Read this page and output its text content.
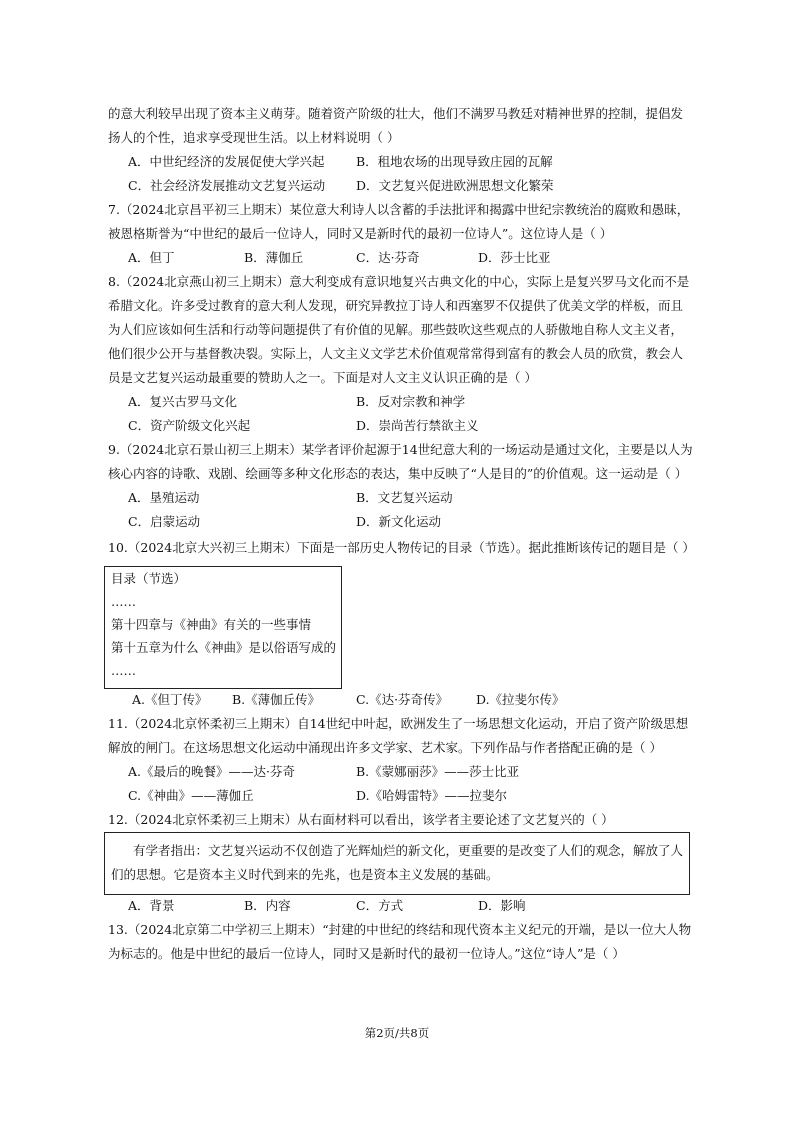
的意大利较早出现了资本主义萌芽。随着资产阶级的壮大，他们不满罗马教廷对精神世界的控制，提倡发
扬人的个性，追求享受现世生活。以上材料说明（ ）
A．中世纪经济的发展促使大学兴起	B．租地农场的出现导致庄园的瓦解
C．社会经济发展推动文艺复兴运动 D．文艺复兴促进欧洲思想文化繁荣
7.（2024北京昌平初三上期末）某位意大利诗人以含蓄的手法批评和揭露中世纪宗教统治的腐败和愚昧，
被恩格斯誉为“中世纪的最后一位诗人，同时又是新时代的最初一位诗人”。这位诗人是（ ）
A．但丁	B．薄伽丘	C．达·芬奇	D．莎士比亚
8.（2024北京燕山初三上期末）意大利变成有意识地复兴古典文化的中心，实际上是复兴罗马文化而不是
希腊文化。许多受过教育的意大利人发现，研究异教拉丁诗人和西塞罗不仅提供了优美文学的样板，而且
为人们应该如何生活和行动等问题提供了有价值的见解。那些鼓吹这些观点的人骄傲地自称人文主义者，
他们很少公开与基督教决裂。实际上，人文主义文学艺术价值观常常得到富有的教会人员的欣赏，教会人
员是文艺复兴运动最重要的赞助人之一。下面是对人文主义认识正确的是（ ）
A．复兴古罗马文化	B．反对宗教和神学
C．资产阶级文化兴起	D．崇尚苦行禁欲主义
9.（2024北京石景山初三上期末）某学者评价起源于14世纪意大利的一场运动是通过文化，主要是以人为
核心内容的诗歌、戏剧、绘画等多种文化形态的表达，集中反映了“人是目的”的价值观。这一运动是（ ）
A．垦殖运动	B．文艺复兴运动
C．启蒙运动	D．新文化运动
10.（2024北京大兴初三上期末）下面是一部历史人物传记的目录（节选）。据此推断该传记的题目是（ ）
目录（节选）
……
第十四章与《神曲》有关的一些事情
第十五章为什么《神曲》是以俗语写成的
……
A.《但丁传》 B.《薄伽丘传》	C.《达·芬奇传》 D.《拉斐尔传》
11.（2024北京怀柔初三上期末）自14世纪中叶起，欧洲发生了一场思想文化运动，开启了资产阶级思想
解放的闸门。在这场思想文化运动中涌现出许多文学家、艺术家。下列作品与作者搭配正确的是（ ）
A.《最后的晚餐》——达·芬奇	B.《蒙娜丽莎》——莎士比亚
C.《神曲》——薄伽丘	D.《哈姆雷特》——拉斐尔
12.（2024北京怀柔初三上期末）从右面材料可以看出，该学者主要论述了文艺复兴的（ ）
有学者指出：文艺复兴运动不仅创造了光辉灿烂的新文化，更重要的是改变了人们的观念，解放了人
们的思想。它是资本主义时代到来的先兆，也是资本主义发展的基础。
A．背景	B．内容	C．方式	D．影响
13.（2024北京第二中学初三上期末）“封建的中世纪的终结和现代资本主义纪元的开端，是以一位大人物
为标志的。他是中世纪的最后一位诗人，同时又是新时代的最初一位诗人。”这位“诗人”是（ ）
第2页/共8页
